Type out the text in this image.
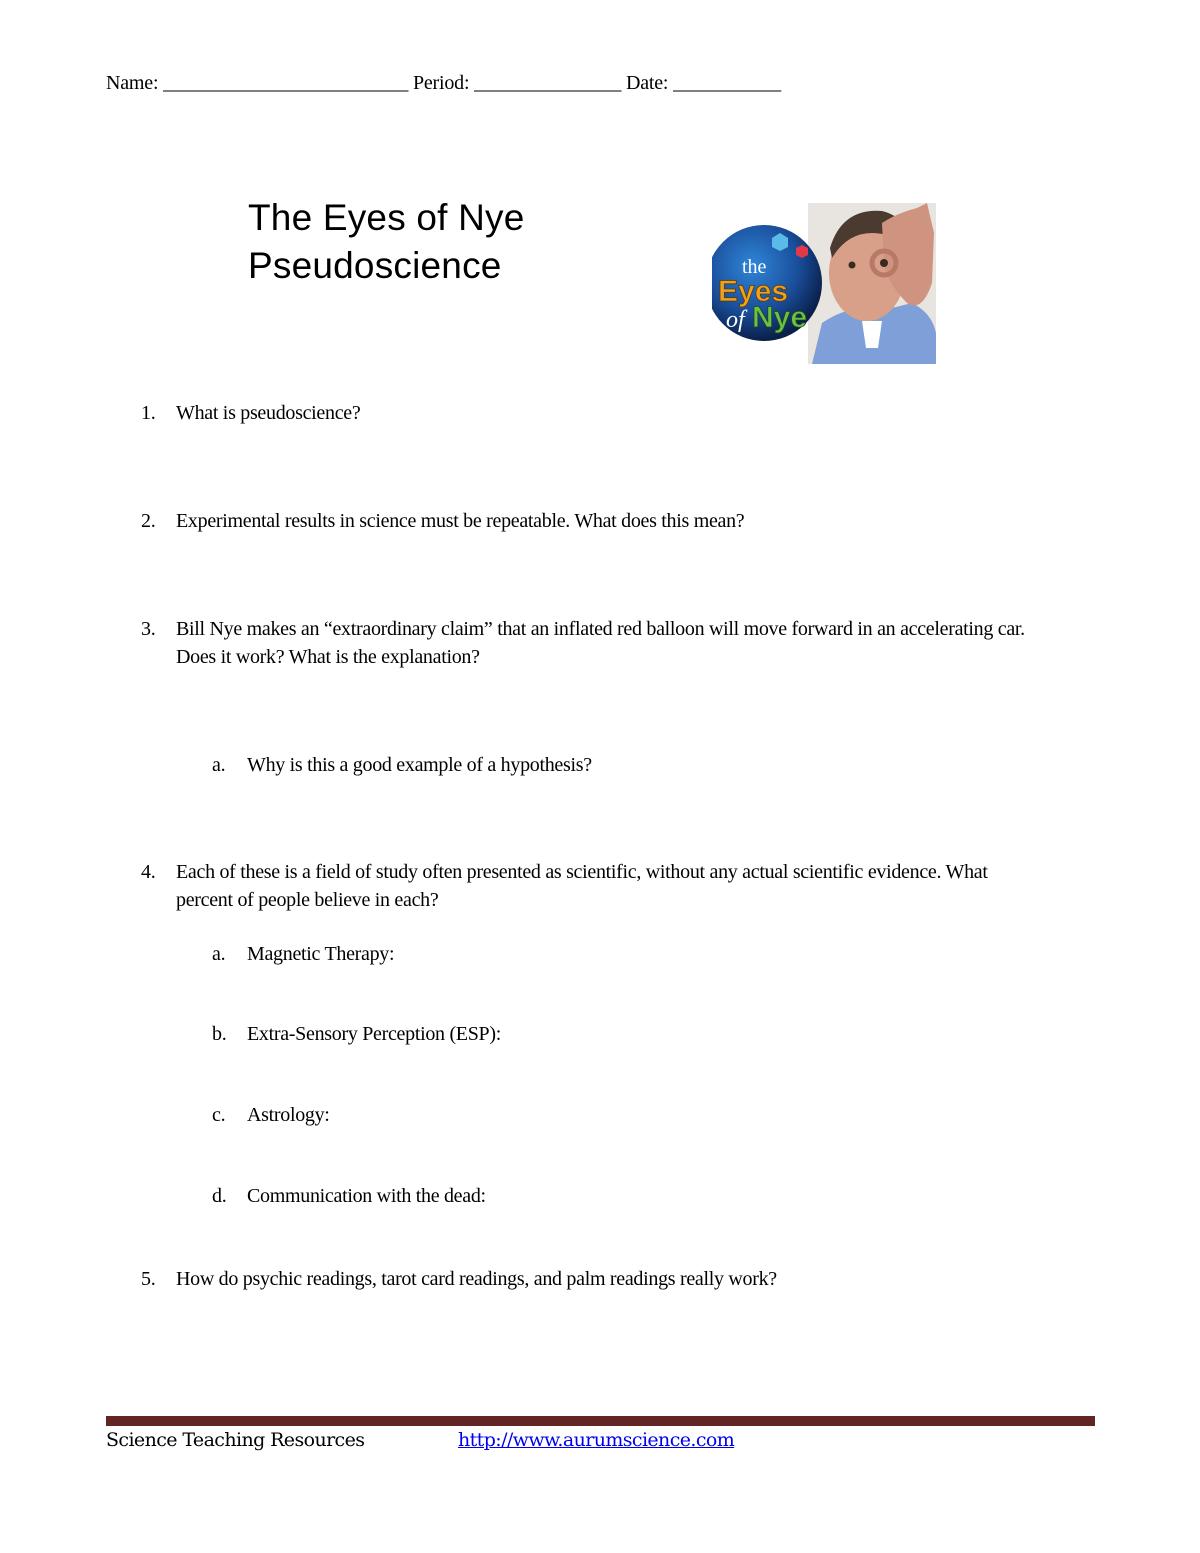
Name: _________________________ Period: _______________ Date: ___________
The Eyes of Nye
Pseudoscience	the
Eyes
of Nye
1. What is pseudoscience?
2. Experimental results in science must be repeatable. What does this mean?
3. Bill Nye makes an “extraordinary claim” that an inflated red balloon will move forward in an accelerating car. Does it work? What is the explanation?
a. Why is this a good example of a hypothesis?
4. Each of these is a field of study often presented as scientific, without any actual scientific evidence. What percent of people believe in each?
a. Magnetic Therapy:
b. Extra-Sensory Perception (ESP):
c. Astrology:
d. Communication with the dead:
5. How do psychic readings, tarot card readings, and palm readings really work?
Science Teaching Resources	http://www.aurumscience.com
